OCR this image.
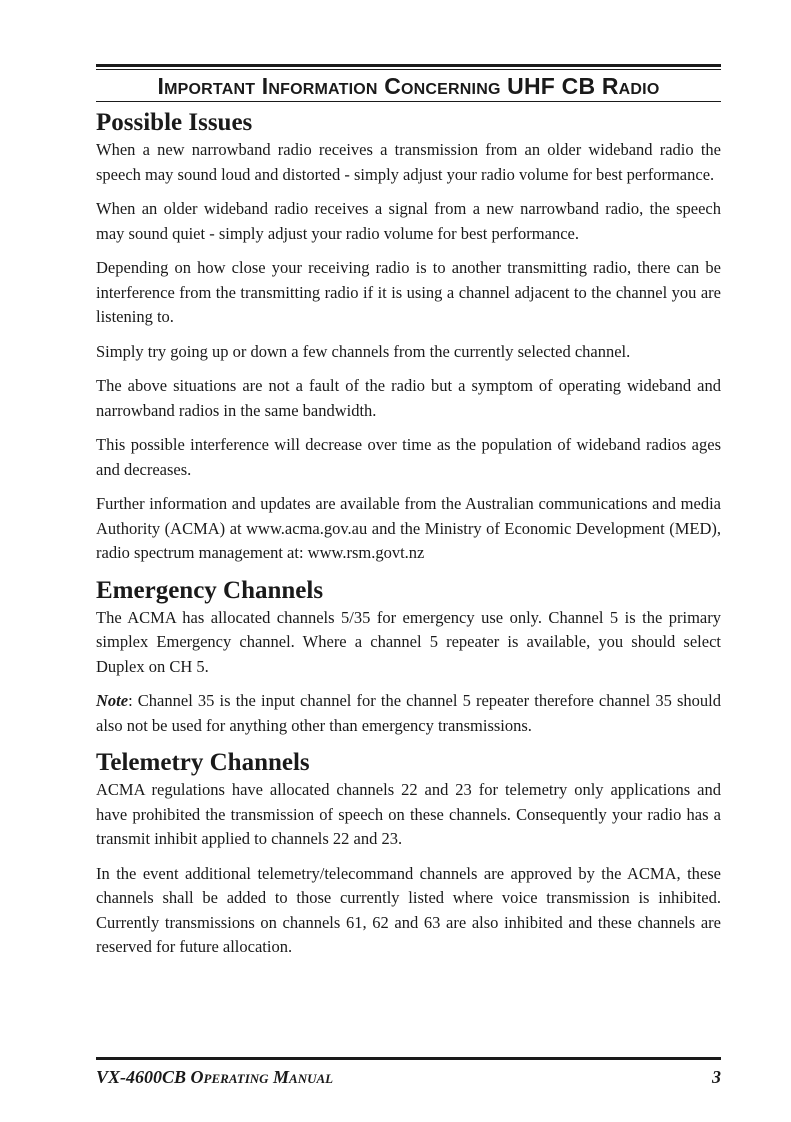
Important Information Concerning UHF CB Radio
Possible Issues

When a new narrowband radio receives a transmission from an older wideband radio the speech may sound loud and distorted - simply adjust your radio volume for best performance.

When an older wideband radio receives a signal from a new narrowband radio, the speech may sound quiet - simply adjust your radio volume for best performance.

Depending on how close your receiving radio is to another transmitting radio, there can be interference from the transmitting radio if it is using a channel adjacent to the channel you are listening to.

Simply try going up or down a few channels from the currently selected channel.

The above situations are not a fault of the radio but a symptom of operating wideband and narrowband radios in the same bandwidth.

This possible interference will decrease over time as the population of wideband radios ages and decreases.

Further information and updates are available from the Australian communications and media Authority (ACMA) at www.acma.gov.au and the Ministry of Economic Development (MED), radio spectrum management at: www.rsm.govt.nz

Emergency Channels

The ACMA has allocated channels 5/35 for emergency use only. Channel 5 is the primary simplex Emergency channel. Where a channel 5 repeater is available, you should select Duplex on CH 5.

Note: Channel 35 is the input channel for the channel 5 repeater therefore channel 35 should also not be used for anything other than emergency transmissions.

Telemetry Channels

ACMA regulations have allocated channels 22 and 23 for telemetry only applications and have prohibited the transmission of speech on these channels. Consequently your radio has a transmit inhibit applied to channels 22 and 23.

In the event additional telemetry/telecommand channels are approved by the ACMA, these channels shall be added to those currently listed where voice transmission is inhibited. Currently transmissions on channels 61, 62 and 63 are also inhibited and these channels are reserved for future allocation.

VX-4600CB Operating Manual	3
